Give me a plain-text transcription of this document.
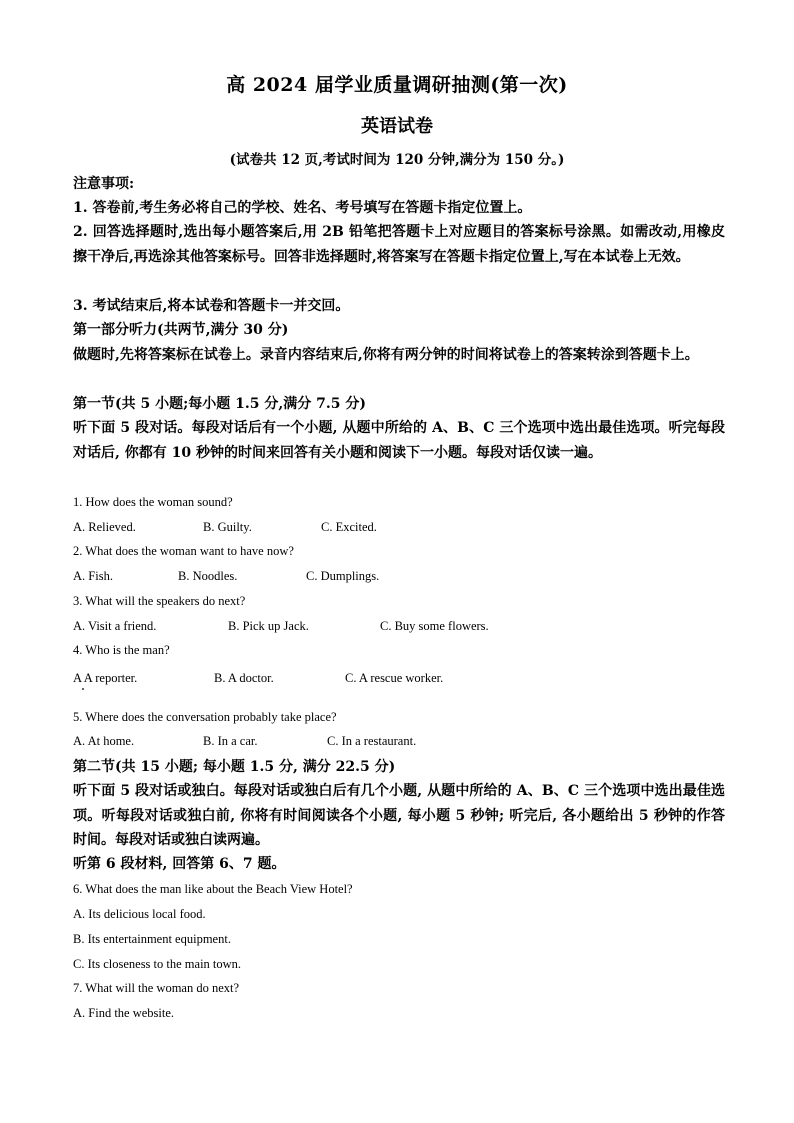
高 2024 届学业质量调研抽测(第一次)
英语试卷
(试卷共 12 页,考试时间为 120 分钟,满分为 150 分。)
注意事项:
1. 答卷前,考生务必将自己的学校、姓名、考号填写在答题卡指定位置上。
2. 回答选择题时,选出每小题答案后,用 2B 铅笔把答题卡上对应题目的答案标号涂黑。如需改动,用橡皮擦干净后,再选涂其他答案标号。回答非选择题时,将答案写在答题卡指定位置上,写在本试卷上无效。
3. 考试结束后,将本试卷和答题卡一并交回。
第一部分听力(共两节,满分 30 分)
做题时,先将答案标在试卷上。录音内容结束后,你将有两分钟的时间将试卷上的答案转涂到答题卡上。
第一节(共 5 小题;每小题 1.5 分,满分 7.5 分)
听下面 5 段对话。每段对话后有一个小题, 从题中所给的 A、B、C 三个选项中选出最佳选项。听完每段对话后, 你都有 10 秒钟的时间来回答有关小题和阅读下一小题。每段对话仅读一遍。
1. How does the woman sound?
A. Relieved.	B. Guilty.	C. Excited.
2. What does the woman want to have now?
A. Fish.	B. Noodles.	C. Dumplings.
3. What will the speakers do next?
A. Visit a friend.	B. Pick up Jack.	C. Buy some flowers.
4. Who is the man?
A A reporter.	B. A doctor.	C. A rescue worker.
5. Where does the conversation probably take place?
A. At home.	B. In a car.	C. In a restaurant.
第二节(共 15 小题; 每小题 1.5 分, 满分 22.5 分)
听下面 5 段对话或独白。每段对话或独白后有几个小题, 从题中所给的 A、B、C 三个选项中选出最佳选项。听每段对话或独白前, 你将有时间阅读各个小题, 每小题 5 秒钟; 听完后, 各小题给出 5 秒钟的作答时间。每段对话或独白读两遍。
听第 6 段材料, 回答第 6、7 题。
6. What does the man like about the Beach View Hotel?
A. Its delicious local food.
B. Its entertainment equipment.
C. Its closeness to the main town.
7. What will the woman do next?
A. Find the website.
